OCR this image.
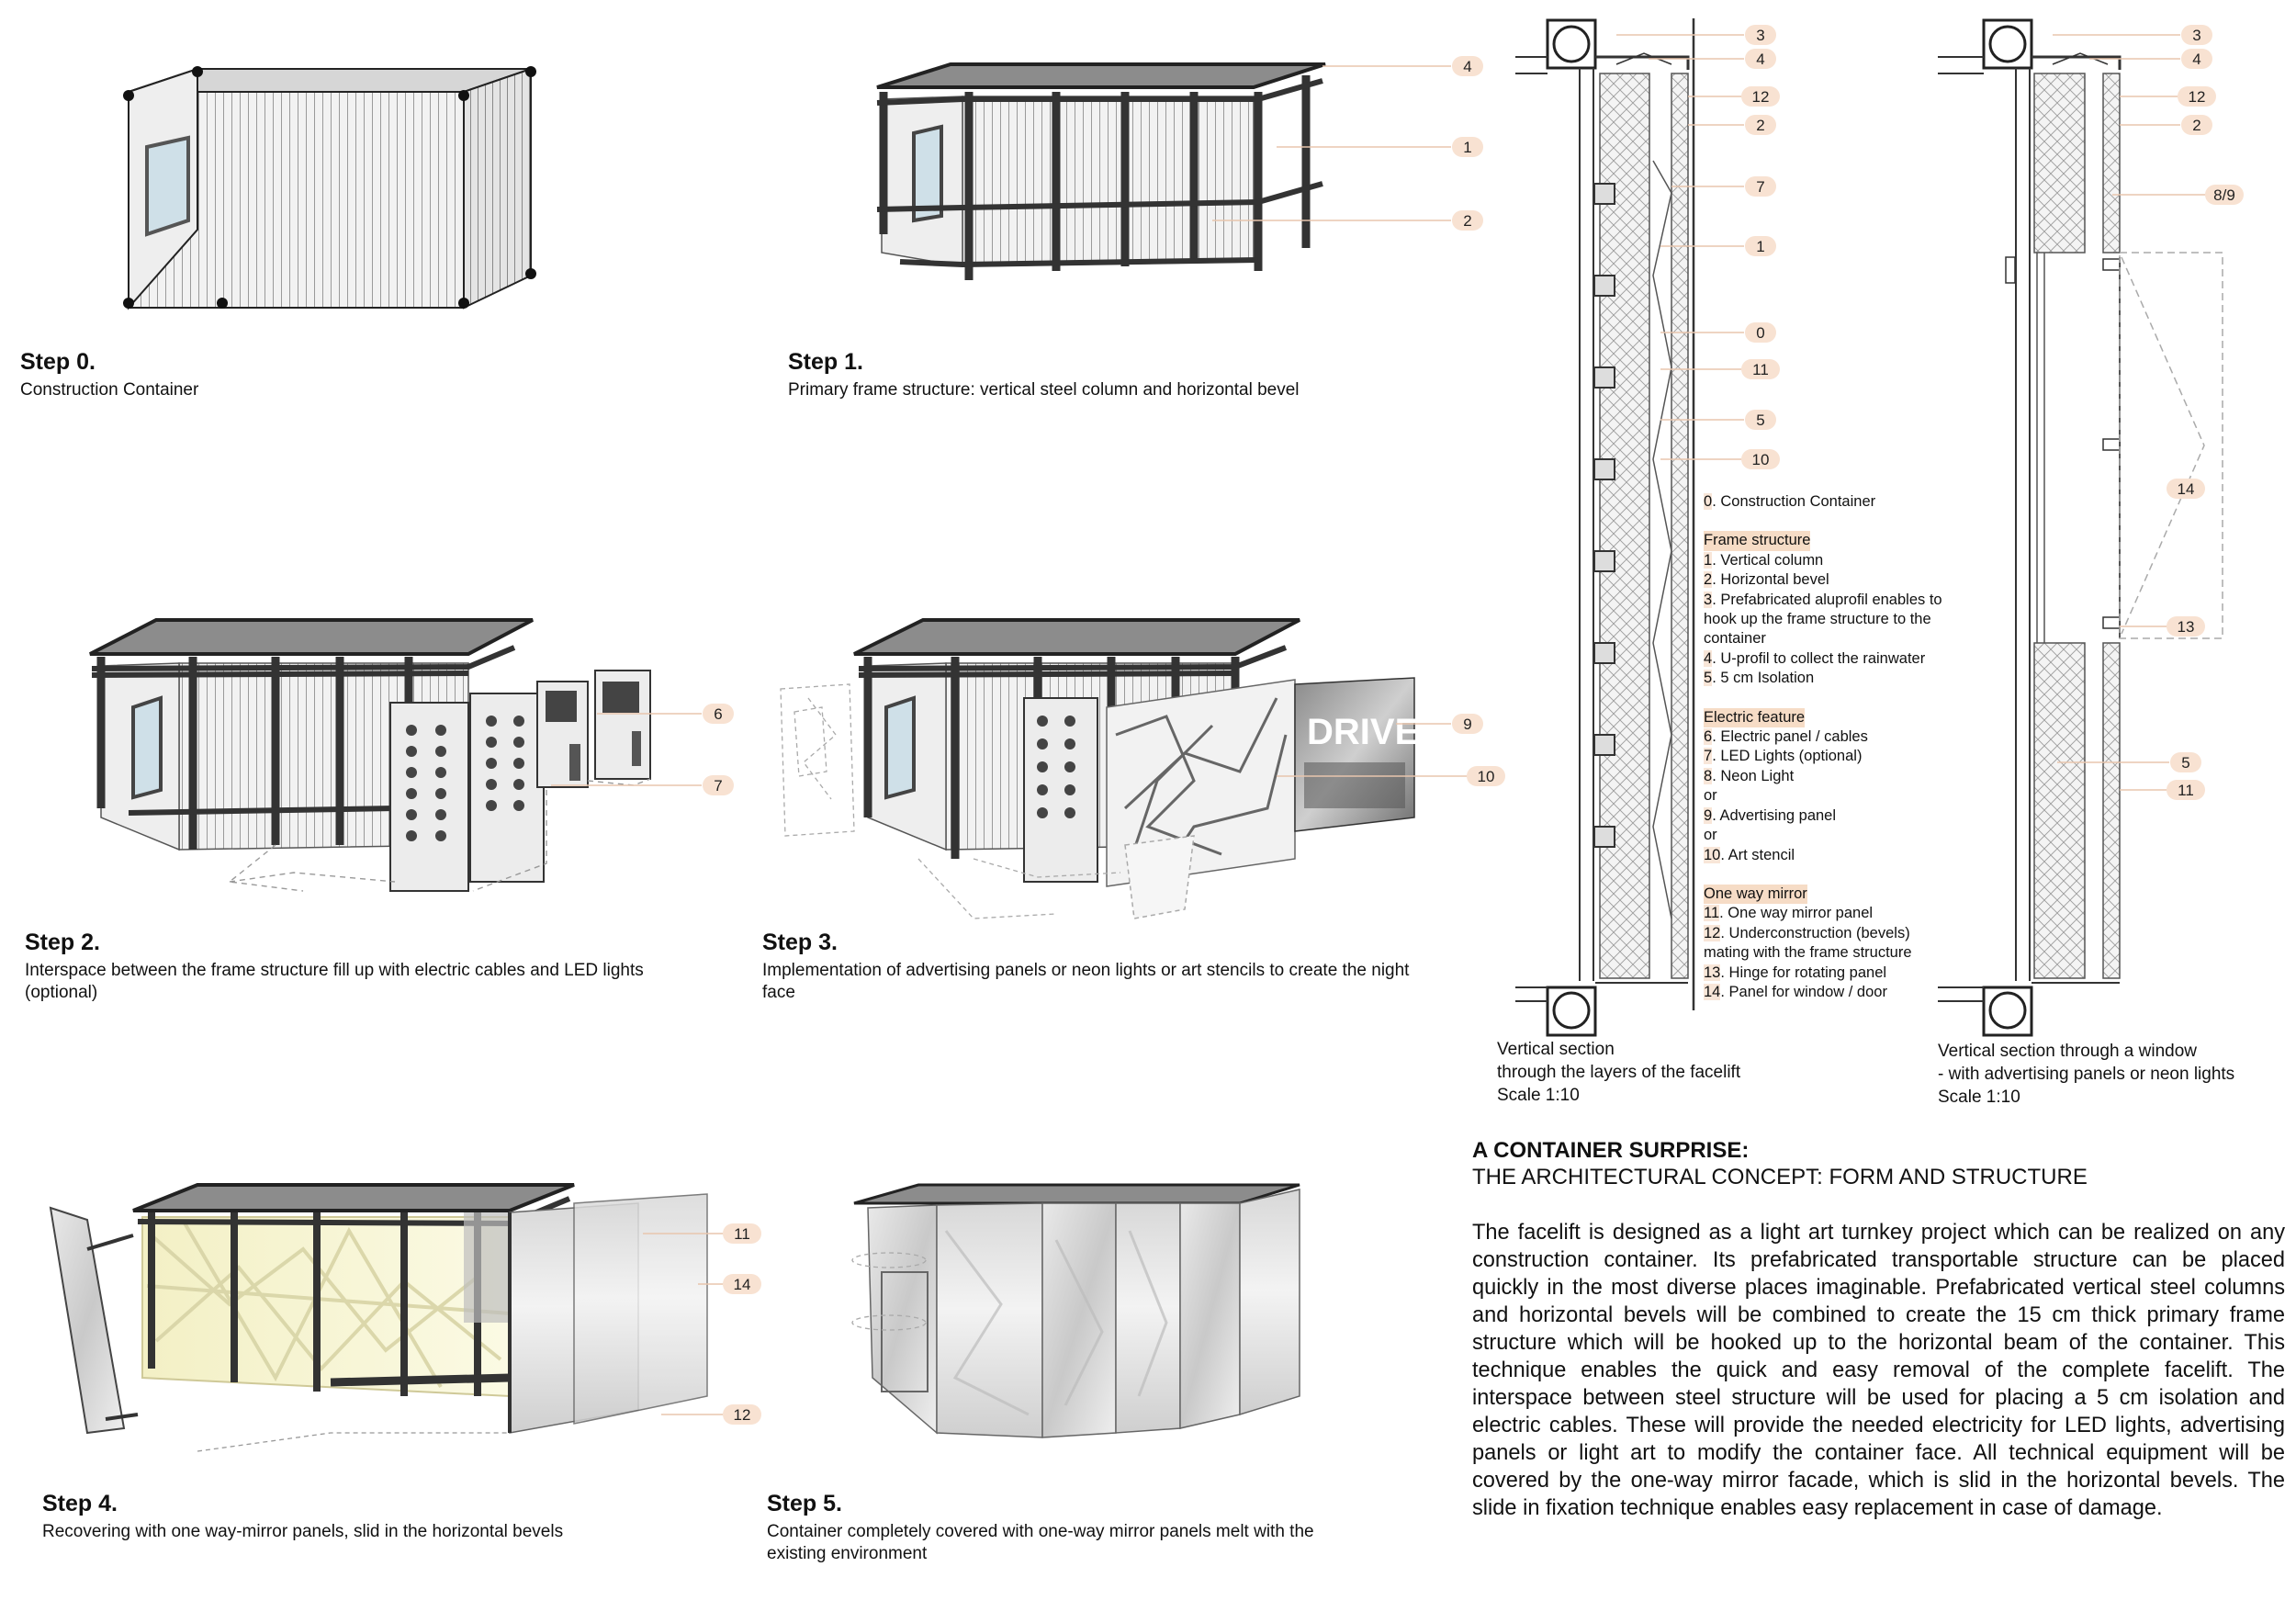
DRIVE
4
1
2
6
7
9
10
11
14
12
3
4
12
2
7
1
0
11
5
10
3
4
12
2
8/9
14
13
5
11

Step 0.

Construction Container

Step 1.

Primary frame structure: vertical steel column and horizontal bevel

Step 2.

Interspace between the frame structure fill up with electric cables and LED lights (optional)

Step 3.

Implementation of advertising panels or neon lights or art stencils to create the night face

Step 4.

Recovering with one way-mirror panels, slid in the horizontal bevels

Step 5.

Container completely covered with one-way mirror panels melt with the existing environment

0. Construction Container
Frame structure
1. Vertical column
2. Horizontal bevel
3. Prefabricated aluprofil enables to hook up the frame structure to the container
4. U-profil to collect the rainwater
5. 5 cm Isolation
Electric feature
6. Electric panel / cables
7. LED Lights (optional)
8. Neon Light
or
9. Advertising panel
or
10. Art stencil
One way mirror
11. One way mirror panel
12. Underconstruction (bevels) mating with the frame structure
13. Hinge for rotating panel
14. Panel for window / door
Vertical section
through the layers of the facelift
Scale 1:10
Vertical section through a window
- with advertising panels or neon lights
Scale 1:10
A CONTAINER SURPRISE:
THE ARCHITECTURAL CONCEPT: FORM AND STRUCTURE
The facelift is designed as a light art turnkey project which can be realized on any construction container. Its prefabricated transportable structure can be placed quickly in the most diverse places imaginable. Prefabricated vertical steel columns and horizontal bevels will be combined to create the 15 cm thick primary frame structure which will be hooked up to the horizontal beam of the container. This technique enables the quick and easy removal of the complete facelift. The interspace between steel structure will be used for placing a 5 cm isolation and electric cables. These will provide the needed electricity for LED lights, advertising panels or light art to modify the container face. All technical equipment will be covered by the one-way mirror facade, which is slid in the horizontal bevels. The slide in fixation technique enables easy replacement in case of damage.
